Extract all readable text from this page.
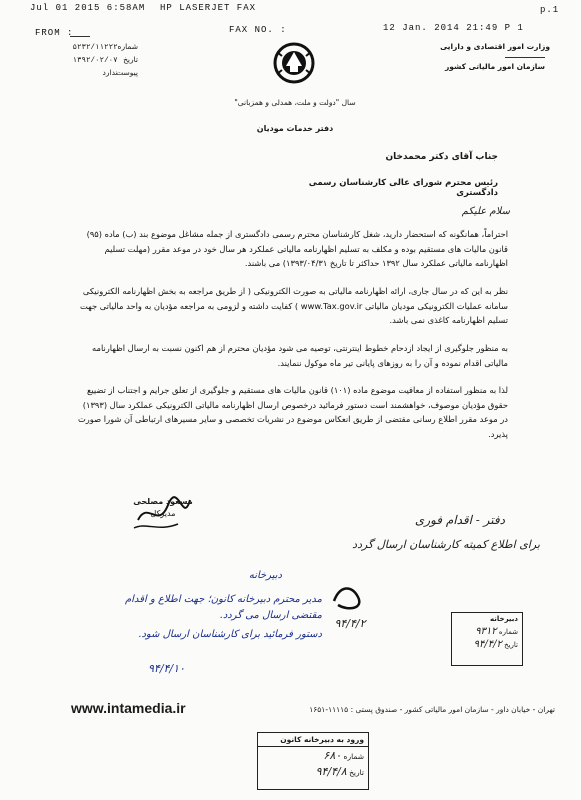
Jul 01 2015 6:58AM HP LASERJET FAX	p.1
FROM :	FAX NO. :	12 Jan. 2014 21:49 P 1
شماره ۵۲۳۲/۱۱۲۲۲
تاریخ ۱۳۹۲/۰۲/۰۷
پیوست ندارد
وزارت امور اقتصادی و دارایی
سازمان امور مالیاتی کشور
سال "دولت و ملت، همدلی و همزبانی"
دفتر خدمات مودیان
جناب آقای دکتر محمدخان
رئیس محترم شورای عالی کارشناسان رسمی دادگستری
سلام علیکم
احتراماً، همانگونه که استحضار دارید، شغل کارشناسان محترم رسمی دادگستری از جمله مشاغل موضوع بند (ب) ماده (۹۵) قانون مالیات های مستقیم بوده و مکلف به تسلیم اظهارنامه مالیاتی عملکرد هر سال خود در موعد مقرر (مهلت تسلیم اظهارنامه مالیاتی عملکرد سال ۱۳۹۲ حداکثر تا تاریخ ۱۳۹۳/۰۴/۳۱) می باشند.
نظر به این که در سال جاری، ارائه اظهارنامه مالیاتی به صورت الکترونیکی ( از طریق مراجعه به بخش اظهارنامه الکترونیکی سامانه عملیات الکترونیکی مودیان مالیاتی www.Tax.gov.ir ) کفایت داشته و لزومی به مراجعه مؤدیان به واحد مالیاتی جهت تسلیم اظهارنامه کاغذی نمی باشد.
به منظور جلوگیری از ایجاد ازدحام خطوط اینترنتی، توصیه می شود مؤدیان محترم از هم اکنون نسبت به ارسال اظهارنامه مالیاتی اقدام نموده و آن را به روزهای پایانی تیر ماه موکول ننمایند.
لذا به منظور استفاده از معافیت موضوع ماده (۱۰۱) قانون مالیات های مستقیم و جلوگیری از تعلق جرایم و اجتناب از تضییع حقوق مؤدیان موصوف، خواهشمند است دستور فرمائید درخصوص ارسال اظهارنامه مالیاتی الکترونیکی عملکرد سال (۱۳۹۳) در موعد مقرر اطلاع رسانی مقتضی از طریق انعکاس موضوع در نشریات تخصصی و سایر مسیرهای ارتباطی آن شورا صورت پذیرد.
مسعود مصلحی
مدیرکل	دفتر - اقدام فوری
برای اطلاع کمیته کارشناسان ارسال گردد
۹۴/۴/۲	دبیرخانه
شماره ۹۳۱۲
تاریخ ۹۴/۴/۲
دبیرخانه
مدیر محترم دبیرخانه کانون؛ جهت اطلاع و اقدام مقتضی ارسال می گردد.
دستور فرمائید برای کارشناسان ارسال شود.
۹۴/۴/۱۰
www.intamedia.ir	تهران - خیابان داور - سازمان امور مالیاتی کشور - صندوق پستی : ۱۱۱۱۵-۱۶۵۱
ورود به دبیرخانه کانون
شماره ۶۸۰
تاریخ ۹۴/۴/۸
